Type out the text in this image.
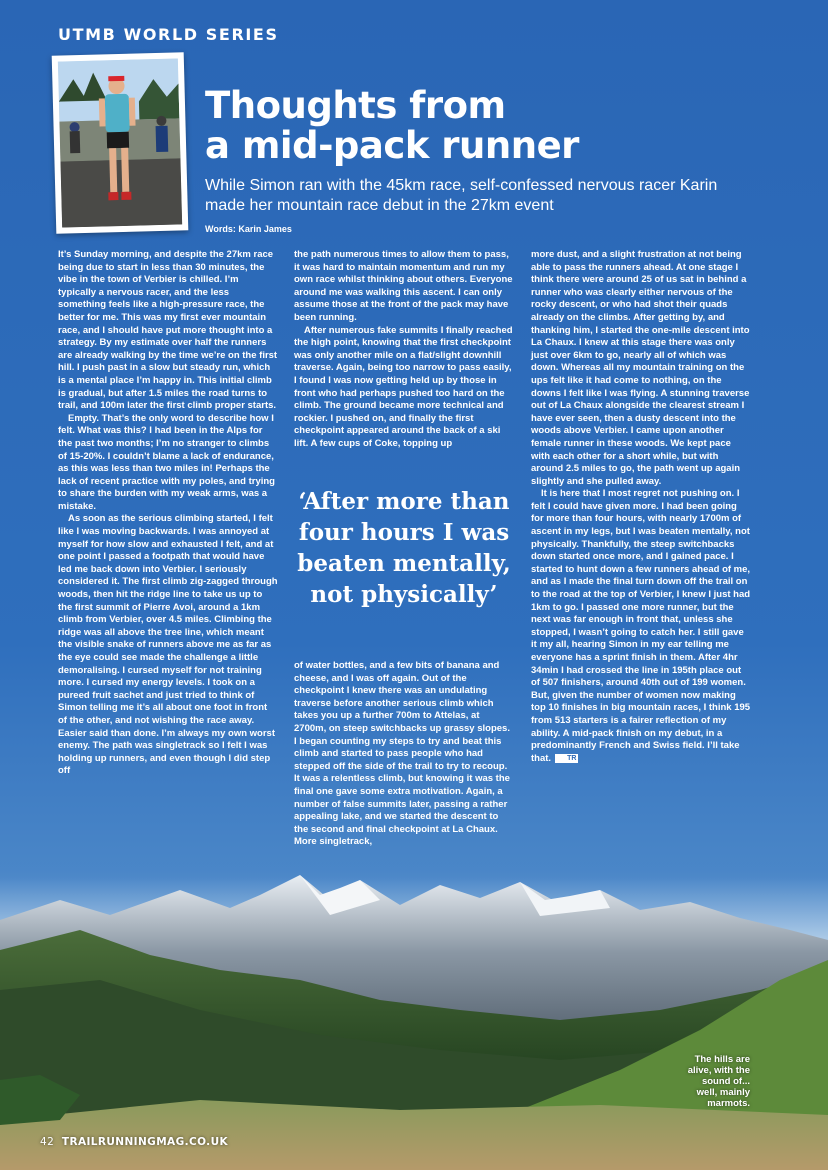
UTMB WORLD SERIES
Thoughts from
a mid-pack runner

While Simon ran with the 45km race, self-confessed nervous racer Karin made her mountain race debut in the 27km event

Words: Karin James

It’s Sunday morning, and despite the 27km race being due to start in less than 30 minutes, the vibe in the town of Verbier is chilled. I’m typically a nervous racer, and the less something feels like a high-pressure race, the better for me. This was my first ever mountain race, and I should have put more thought into a strategy. By my estimate over half the runners are already walking by the time we’re on the first hill. I push past in a slow but steady run, which is a mental place I’m happy in. This initial climb is gradual, but after 1.5 miles the road turns to trail, and 100m later the first climb proper starts.

Empty. That’s the only word to describe how I felt. What was this? I had been in the Alps for the past two months; I’m no stranger to climbs of 15-20%. I couldn’t blame a lack of endurance, as this was less than two miles in! Perhaps the lack of recent practice with my poles, and trying to share the burden with my weak arms, was a mistake.

As soon as the serious climbing started, I felt like I was moving backwards. I was annoyed at myself for how slow and exhausted I felt, and at one point I passed a footpath that would have led me back down into Verbier. I seriously considered it. The first climb zig-zagged through woods, then hit the ridge line to take us up to the first summit of Pierre Avoi, around a 1km climb from Verbier, over 4.5 miles. Climbing the ridge was all above the tree line, which meant the visible snake of runners above me as far as the eye could see made the challenge a little demoralising. I cursed myself for not training more. I cursed my energy levels. I took on a pureed fruit sachet and just tried to think of Simon telling me it’s all about one foot in front of the other, and not wishing the race away. Easier said than done. I’m always my own worst enemy. The path was singletrack so I felt I was holding up runners, and even though I did step off

the path numerous times to allow them to pass, it was hard to maintain momentum and run my own race whilst thinking about others. Everyone around me was walking this ascent. I can only assume those at the front of the pack may have been running.

After numerous fake summits I finally reached the high point, knowing that the first checkpoint was only another mile on a flat/slight downhill traverse. Again, being too narrow to pass easily, I found I was now getting held up by those in front who had perhaps pushed too hard on the climb. The ground became more technical and rockier. I pushed on, and finally the first checkpoint appeared around the back of a ski lift. A few cups of Coke, topping up

‘After more than four hours I was beaten mentally, not physically’

of water bottles, and a few bits of banana and cheese, and I was off again. Out of the checkpoint I knew there was an undulating traverse before another serious climb which takes you up a further 700m to Attelas, at 2700m, on steep switchbacks up grassy slopes. I began counting my steps to try and beat this climb and started to pass people who had stepped off the side of the trail to try to recoup. It was a relentless climb, but knowing it was the final one gave some extra motivation. Again, a number of false summits later, passing a rather appealing lake, and we started the descent to the second and final checkpoint at La Chaux. More singletrack,

more dust, and a slight frustration at not being able to pass the runners ahead. At one stage I think there were around 25 of us sat in behind a runner who was clearly either nervous of the rocky descent, or who had shot their quads already on the climbs. After getting by, and thanking him, I started the one-mile descent into La Chaux. I knew at this stage there was only just over 6km to go, nearly all of which was down. Whereas all my mountain training on the ups felt like it had come to nothing, on the downs I felt like I was flying. A stunning traverse out of La Chaux alongside the clearest stream I have ever seen, then a dusty descent into the woods above Verbier. I came upon another female runner in these woods. We kept pace with each other for a short while, but with around 2.5 miles to go, the path went up again slightly and she pulled away.

It is here that I most regret not pushing on. I felt I could have given more. I had been going for more than four hours, with nearly 1700m of ascent in my legs, but I was beaten mentally, not physically. Thankfully, the steep switchbacks down started once more, and I gained pace. I started to hunt down a few runners ahead of me, and as I made the final turn down off the trail on to the road at the top of Verbier, I knew I just had 1km to go. I passed one more runner, but the next was far enough in front that, unless she stopped, I wasn’t going to catch her. I still gave it my all, hearing Simon in my ear telling me everyone has a sprint finish in them. After 4hr 34min I had crossed the line in 195th place out of 507 finishers, around 40th out of 199 women. But, given the number of women now making top 10 finishes in big mountain races, I think 195 from 513 starters is a fairer reflection of my ability. A mid-pack finish on my debut, in a predominantly French and Swiss field. I’ll take that. TR

The hills are alive, with the sound of... well, mainly marmots.
42 TRAILRUNNINGMAG.CO.UK
